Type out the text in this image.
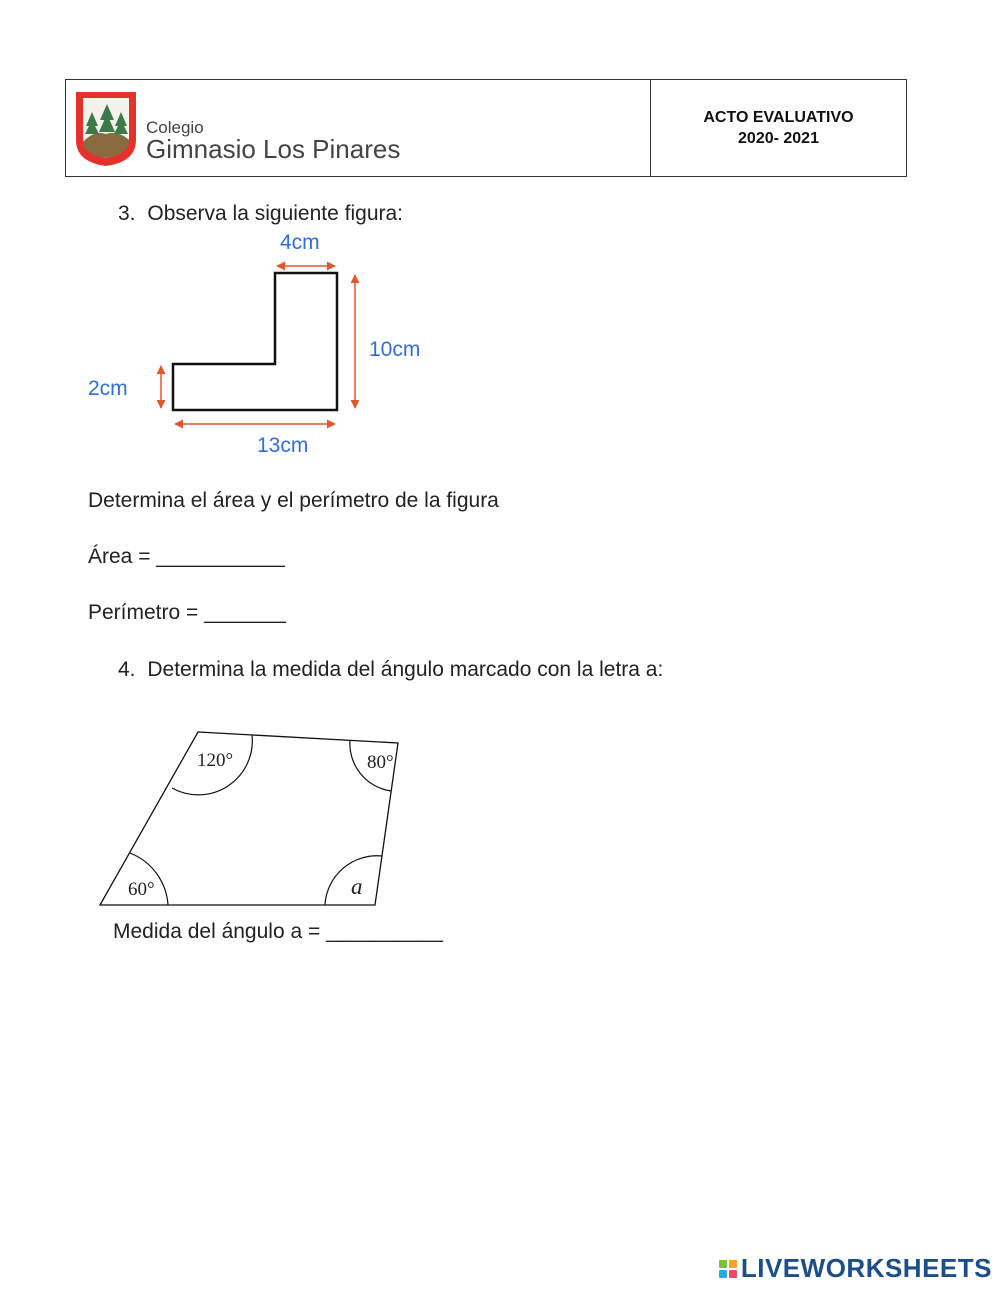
Colegio
Gimnasio Los Pinares
ACTO EVALUATIVO
2020- 2021
3. Observa la siguiente figura:
4cm
10cm
2cm
13cm
Determina el área y el perímetro de la figura
Área = ___________
Perímetro = _______
4. Determina la medida del ángulo marcado con la letra a:
120°	80°
60°	a
Medida del ángulo a = __________
LIVEWORKSHEETS
